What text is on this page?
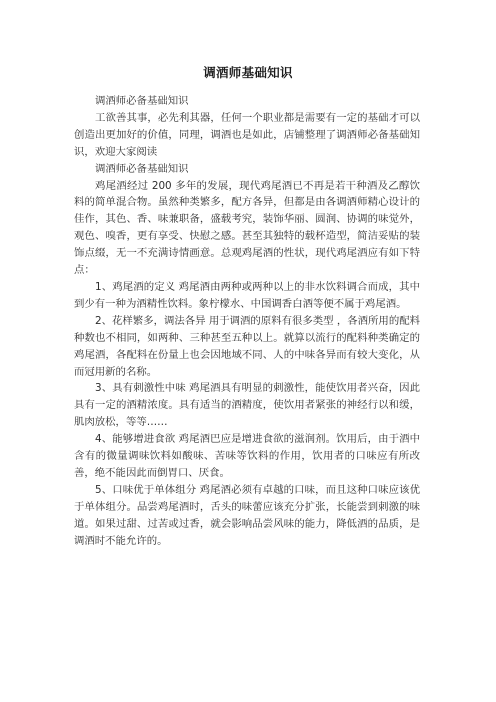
调酒师基础知识

调酒师必备基础知识

工欲善其事，必先利其器，任何一个职业都是需要有一定的基础才可以创造出更加好的价值，同理，调酒也是如此，店铺整理了调酒师必备基础知识，欢迎大家阅读

调酒师必备基础知识

鸡尾酒经过 200 多年的发展，现代鸡尾酒已不再是若干种酒及乙醇饮料的简单混合物。虽然种类繁多，配方各异，但都是由各调酒师精心设计的佳作，其色、香、味兼职备，盛载考究，装饰华丽、圆润、协调的味觉外，观色、嗅香，更有享受、快慰之感。甚至其独特的载杯造型，简洁妥贴的装饰点缀，无一不充满诗情画意。总观鸡尾酒的性状，现代鸡尾酒应有如下特点：

1、鸡尾酒的定义 鸡尾酒由两种或两种以上的非水饮料调合而成，其中到少有一种为酒精性饮料。象柠檬水、中国调香白酒等便不属于鸡尾酒。

2、花样繁多，调法各异 用于调酒的原料有很多类型 ，各酒所用的配料种数也不相同，如两种、三种甚至五种以上。就算以流行的配料种类确定的鸡尾酒，各配料在份量上也会因地域不同、人的中味各异而有较大变化，从而冠用新的名称。

3、具有刺激性中味 鸡尾酒具有明显的刺激性，能使饮用者兴奋，因此具有一定的酒精浓度。具有适当的酒精度，使饮用者紧张的神经行以和缓，肌肉放松，等等……

4、能够增进食欲 鸡尾酒巴应是增进食欲的滋润剂。饮用后，由于酒中含有的微量调味饮料如酸味、苦味等饮料的作用，饮用者的口味应有所改善，绝不能因此而倒胃口、厌食。

5、口味优于单体组分 鸡尾酒必须有卓越的口味，而且这种口味应该优于单体组分。品尝鸡尾酒时，舌头的味蕾应该充分扩张，长能尝到刺激的味道。如果过甜、过苦或过香，就会影响品尝风味的能力，降低酒的品质，是调酒时不能允许的。
